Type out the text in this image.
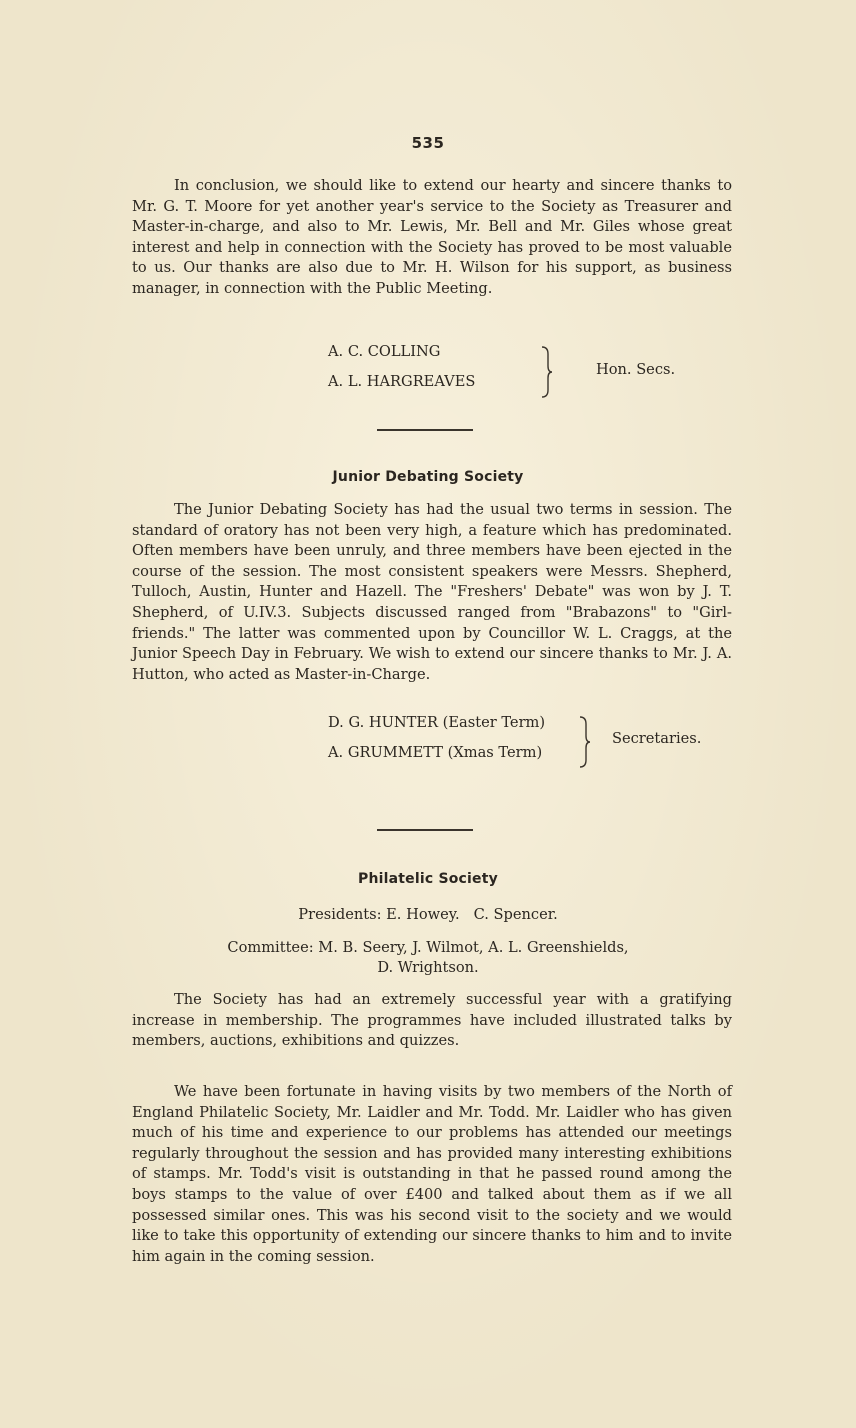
535

In conclusion, we should like to extend our hearty and sincere thanks to Mr. G. T. Moore for yet another year's service to the Society as Treasurer and Master-in-charge, and also to Mr. Lewis, Mr. Bell and Mr. Giles whose great interest and help in connection with the Society has proved to be most valuable to us. Our thanks are also due to Mr. H. Wilson for his support, as business manager, in connection with the Public Meeting.

A. C. COLLING
A. L. HARGREAVES
Hon. Secs.
Junior Debating Society

The Junior Debating Society has had the usual two terms in session. The standard of oratory has not been very high, a feature which has predominated. Often members have been unruly, and three members have been ejected in the course of the session. The most consistent speakers were Messrs. Shepherd, Tulloch, Austin, Hunter and Hazell. The "Freshers' Debate" was won by J. T. Shepherd, of U.IV.3. Subjects discussed ranged from "Brabazons" to "Girl-friends." The latter was commented upon by Councillor W. L. Craggs, at the Junior Speech Day in February. We wish to extend our sincere thanks to Mr. J. A. Hutton, who acted as Master-in-Charge.

D. G. HUNTER (Easter Term)
A. GRUMMETT (Xmas Term)
Secretaries.
Philatelic Society

Presidents: E. Howey.   C. Spencer.

Committee: M. B. Seery, J. Wilmot, A. L. Greenshields,

D. Wrightson.

The Society has had an extremely successful year with a gratifying increase in membership. The programmes have included illustrated talks by members, auctions, exhibitions and quizzes.

We have been fortunate in having visits by two members of the North of England Philatelic Society, Mr. Laidler and Mr. Todd. Mr. Laidler who has given much of his time and experience to our problems has attended our meetings regularly throughout the session and has provided many interesting exhibitions of stamps. Mr. Todd's visit is outstanding in that he passed round among the boys stamps to the value of over £400 and talked about them as if we all possessed similar ones. This was his second visit to the society and we would like to take this opportunity of extending our sincere thanks to him and to invite him again in the coming session.
